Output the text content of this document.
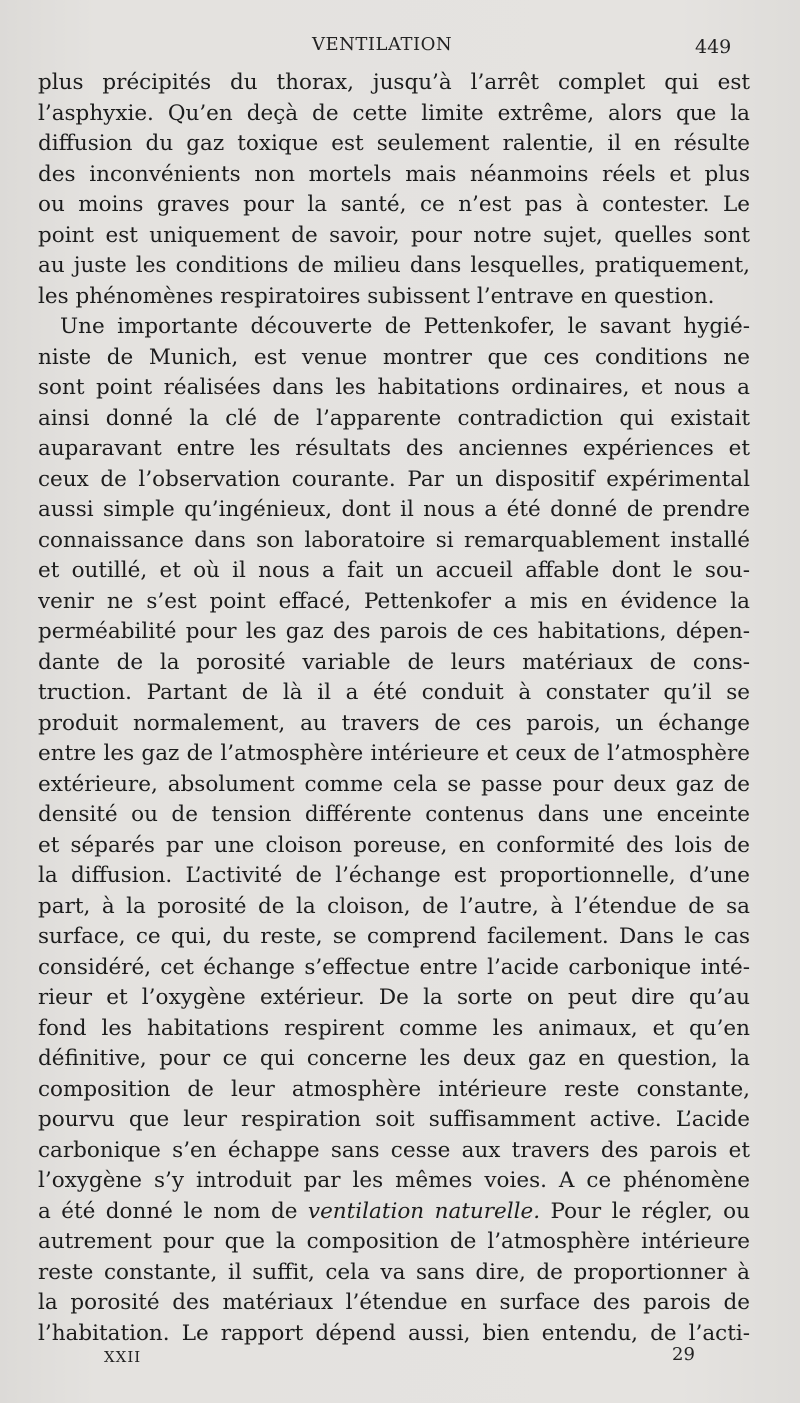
VENTILATION	449
plus précipités du thorax, jusqu’à l’arrêt complet qui est
l’asphyxie. Qu’en deçà de cette limite extrême, alors que la
diffusion du gaz toxique est seulement ralentie, il en résulte
des inconvénients non mortels mais néanmoins réels et plus
ou moins graves pour la santé, ce n’est pas à contester. Le
point est uniquement de savoir, pour notre sujet, quelles sont
au juste les conditions de milieu dans lesquelles, pratiquement,
les phénomènes respiratoires subissent l’entrave en question.
Une importante découverte de Pettenkofer, le savant hygié-
niste de Munich, est venue montrer que ces conditions ne
sont point réalisées dans les habitations ordinaires, et nous a
ainsi donné la clé de l’apparente contradiction qui existait
auparavant entre les résultats des anciennes expériences et
ceux de l’observation courante. Par un dispositif expérimental
aussi simple qu’ingénieux, dont il nous a été donné de prendre
connaissance dans son laboratoire si remarquablement installé
et outillé, et où il nous a fait un accueil affable dont le sou-
venir ne s’est point effacé, Pettenkofer a mis en évidence la
perméabilité pour les gaz des parois de ces habitations, dépen-
dante de la porosité variable de leurs matériaux de cons-
truction. Partant de là il a été conduit à constater qu’il se
produit normalement, au travers de ces parois, un échange
entre les gaz de l’atmosphère intérieure et ceux de l’atmosphère
extérieure, absolument comme cela se passe pour deux gaz de
densité ou de tension différente contenus dans une enceinte
et séparés par une cloison poreuse, en conformité des lois de
la diffusion. L’activité de l’échange est proportionnelle, d’une
part, à la porosité de la cloison, de l’autre, à l’étendue de sa
surface, ce qui, du reste, se comprend facilement. Dans le cas
considéré, cet échange s’effectue entre l’acide carbonique inté-
rieur et l’oxygène extérieur. De la sorte on peut dire qu’au
fond les habitations respirent comme les animaux, et qu’en
définitive, pour ce qui concerne les deux gaz en question, la
composition de leur atmosphère intérieure reste constante,
pourvu que leur respiration soit suffisamment active. L’acide
carbonique s’en échappe sans cesse aux travers des parois et
l’oxygène s’y introduit par les mêmes voies. A ce phénomène
a été donné le nom de ventilation naturelle. Pour le régler, ou
autrement pour que la composition de l’atmosphère intérieure
reste constante, il suffit, cela va sans dire, de proportionner à
la porosité des matériaux l’étendue en surface des parois de
l’habitation. Le rapport dépend aussi, bien entendu, de l’acti-
XXII	29
